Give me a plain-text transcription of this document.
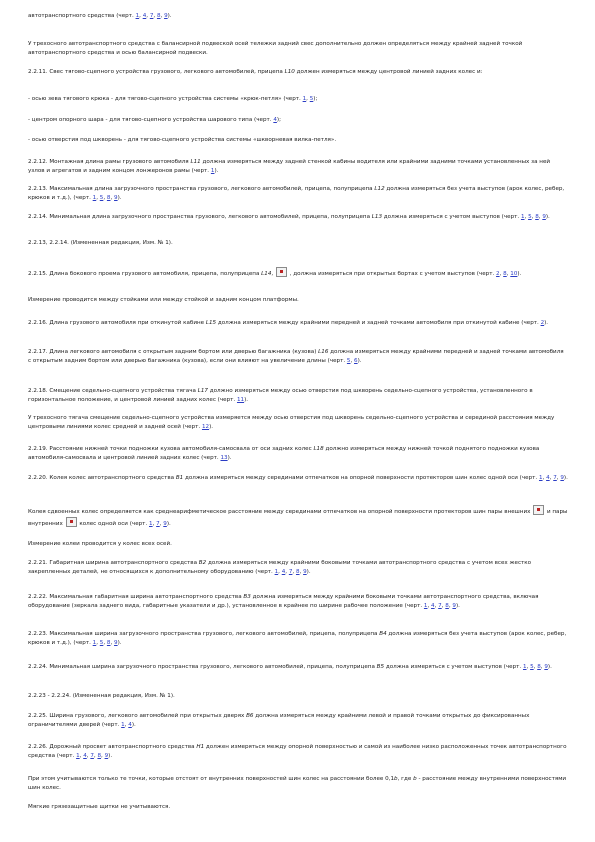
автотранспортного средства (черт. 1, 4, 7, 8, 9).

У трехосного автотранспортного средства с балансирной подвеской осей тележки задний свес дополнительно должен определяться между крайней задней точкой автотранспортного средства и осью балансирной подвески.

2.2.11. Свес тягово-сцепного устройства грузового, легкового автомобилей, прицепа L10 должен измеряться между центровой линией задних колес и:

- осью зева тягового крюка - для тягово-сцепного устройства системы «крюк-петля» (черт. 1, 5);

- центром опорного шара - для тягово-сцепного устройства шарового типа (черт. 4);

- осью отверстия под шкворень - для тягово-сцепного устройства системы «шкворневая вилка-петля».

2.2.12. Монтажная длина рамы грузового автомобиля L11 должна измеряться между задней стенкой кабины водителя или крайними задними точками установленных за ней узлов и агрегатов и задним концом лонжеронов рамы (черт. 1).

2.2.13. Максимальная длина загрузочного пространства грузового, легкового автомобилей, прицепа, полуприцепа L12 должна измеряться без учета выступов (арок колес, ребер, крюков и т.д.), (черт. 1, 5, 8, 9).

2.2.14. Минимальная длина загрузочного пространства грузового, легкового автомобилей, прицепа, полуприцепа L13 должна измеряться с учетом выступов (черт. 1, 5, 8, 9).

2.2.13, 2.2.14. (Измененная редакция, Изм. № 1).

2.2.15. Длина бокового проема грузового автомобиля, прицепа, полуприцепа L14,  , должна измеряться при открытых бортах с учетом выступов (черт. 2, 8, 10).

Измерение проводится между стойками или между стойкой и задним концом платформы.

2.2.16. Длина грузового автомобиля при откинутой кабине L15 должна измеряться между крайними передней и задней точками автомобиля при откинутой кабине (черт. 2).

2.2.17. Длина легкового автомобиля с открытым задним бортом или дверью багажника (кузова) L16 должна измеряться между крайними передней и задней точками автомобиля с открытым задним бортом или дверью багажника (кузова), если они влияют на увеличение длины (черт. 5, 6).

2.2.18. Смещение седельно-сцепного устройства тягача L17 должно измеряться между осью отверстия под шкворень седельно-сцепного устройства, установленного в горизонтальное положение, и центровой линией задних колес (черт. 11).

У трехосного тягача смещение седельно-сцепного устройства измеряется между осью отверстия под шкворень седельно-сцепного устройства и серединой расстояния между центровыми линиями колес средней и задней осей (черт. 12).

2.2.19. Расстояние нижней точки подножки кузова автомобиля-самосвала от оси задних колес L18 должно измеряться между нижней точкой поднятого подножки кузова автомобиля-самосвала и центровой линией задних колес (черт. 13).

2.2.20. Колея колес автотранспортного средства B1 должна измеряться между серединами отпечатков на опорной поверхности протекторов шин колес одной оси (черт. 1, 4, 7, 9).

Колея сдвоенных колес определяется как среднеарифметическое расстояние между серединами отпечатков на опорной поверхности протекторов шин пары внешних  и пары внутренних  колес одной оси (черт. 1, 7, 9).

Измерение колеи проводится у колес всех осей.

2.2.21. Габаритная ширина автотранспортного средства B2 должна измеряться между крайними боковыми точками автотранспортного средства с учетом всех жестко закрепленных деталей, не относящихся к дополнительному оборудованию (черт. 1, 4, 7, 8, 9).

2.2.22. Максимальная габаритная ширина автотранспортного средства B3 должна измеряться между крайними боковыми точками автотранспортного средства, включая оборудование (зеркала заднего вида, габаритные указатели и др.), установленное в крайнее по ширине рабочее положение (черт. 1, 4, 7, 8, 9).

2.2.23. Максимальная ширина загрузочного пространства грузового, легкового автомобилей, прицепа, полуприцепа B4 должна измеряться без учета выступов (арок колес, ребер, крюков и т.д.), (черт. 1, 5, 8, 9).

2.2.24. Минимальная ширина загрузочного пространства грузового, легкового автомобилей, прицепа, полуприцепа B5 должна измеряться с учетом выступов (черт. 1, 5, 8, 9).

2.2.23 - 2.2.24. (Измененная редакция, Изм. № 1).

2.2.25. Ширина грузового, легкового автомобилей при открытых дверях B6 должна измеряться между крайними левой и правой точками открытых до фиксированных ограничителями дверей (черт. 1, 4).

2.2.26. Дорожный просвет автотранспортного средства H1 должен измеряться между опорной поверхностью и самой из наиболее низко расположенных точек автотранспортного средства (черт. 1, 4, 7, 8, 9).

При этом учитываются только те точки, которые отстоят от внутренних поверхностей шин колес на расстоянии более 0,1b, где b - расстояние между внутренними поверхностями шин колес.

Мягкие грязезащитные щитки не учитываются.
